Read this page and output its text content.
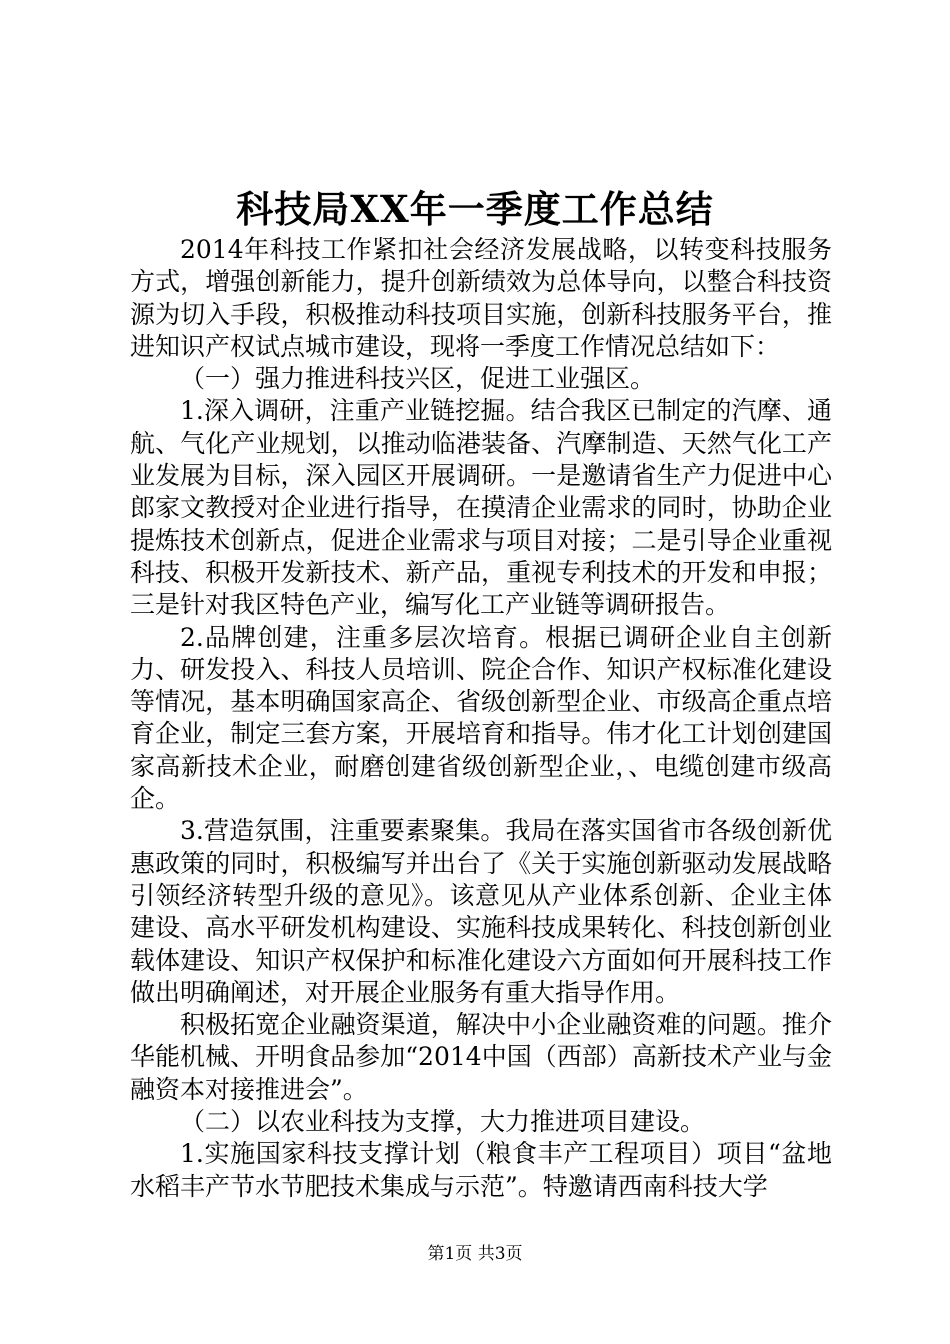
科技局XX年一季度工作总结

2014年科技工作紧扣社会经济发展战略，以转变科技服务方式，增强创新能力，提升创新绩效为总体导向，以整合科技资源为切入手段，积极推动科技项目实施，创新科技服务平台，推进知识产权试点城市建设，现将一季度工作情况总结如下：

（一）强力推进科技兴区，促进工业强区。

1.深入调研，注重产业链挖掘。结合我区已制定的汽摩、通航、气化产业规划，以推动临港装备、汽摩制造、天然气化工产业发展为目标，深入园区开展调研。一是邀请省生产力促进中心郎家文教授对企业进行指导，在摸清企业需求的同时，协助企业提炼技术创新点，促进企业需求与项目对接；二是引导企业重视科技、积极开发新技术、新产品，重视专利技术的开发和申报；三是针对我区特色产业，编写化工产业链等调研报告。

2.品牌创建，注重多层次培育。根据已调研企业自主创新力、研发投入、科技人员培训、院企合作、知识产权标准化建设等情况，基本明确国家高企、省级创新型企业、市级高企重点培育企业，制定三套方案，开展培育和指导。伟才化工计划创建国家高新技术企业，耐磨创建省级创新型企业，、电缆创建市级高企。

3.营造氛围，注重要素聚集。我局在落实国省市各级创新优惠政策的同时，积极编写并出台了《关于实施创新驱动发展战略引领经济转型升级的意见》。该意见从产业体系创新、企业主体建设、高水平研发机构建设、实施科技成果转化、科技创新创业载体建设、知识产权保护和标准化建设六方面如何开展科技工作做出明确阐述，对开展企业服务有重大指导作用。

积极拓宽企业融资渠道，解决中小企业融资难的问题。推介华能机械、开明食品参加“2014中国（西部）高新技术产业与金融资本对接推进会”。

（二）以农业科技为支撑，大力推进项目建设。

1.实施国家科技支撑计划（粮食丰产工程项目）项目“盆地水稻丰产节水节肥技术集成与示范”。特邀请西南科技大学

第1页 共3页
